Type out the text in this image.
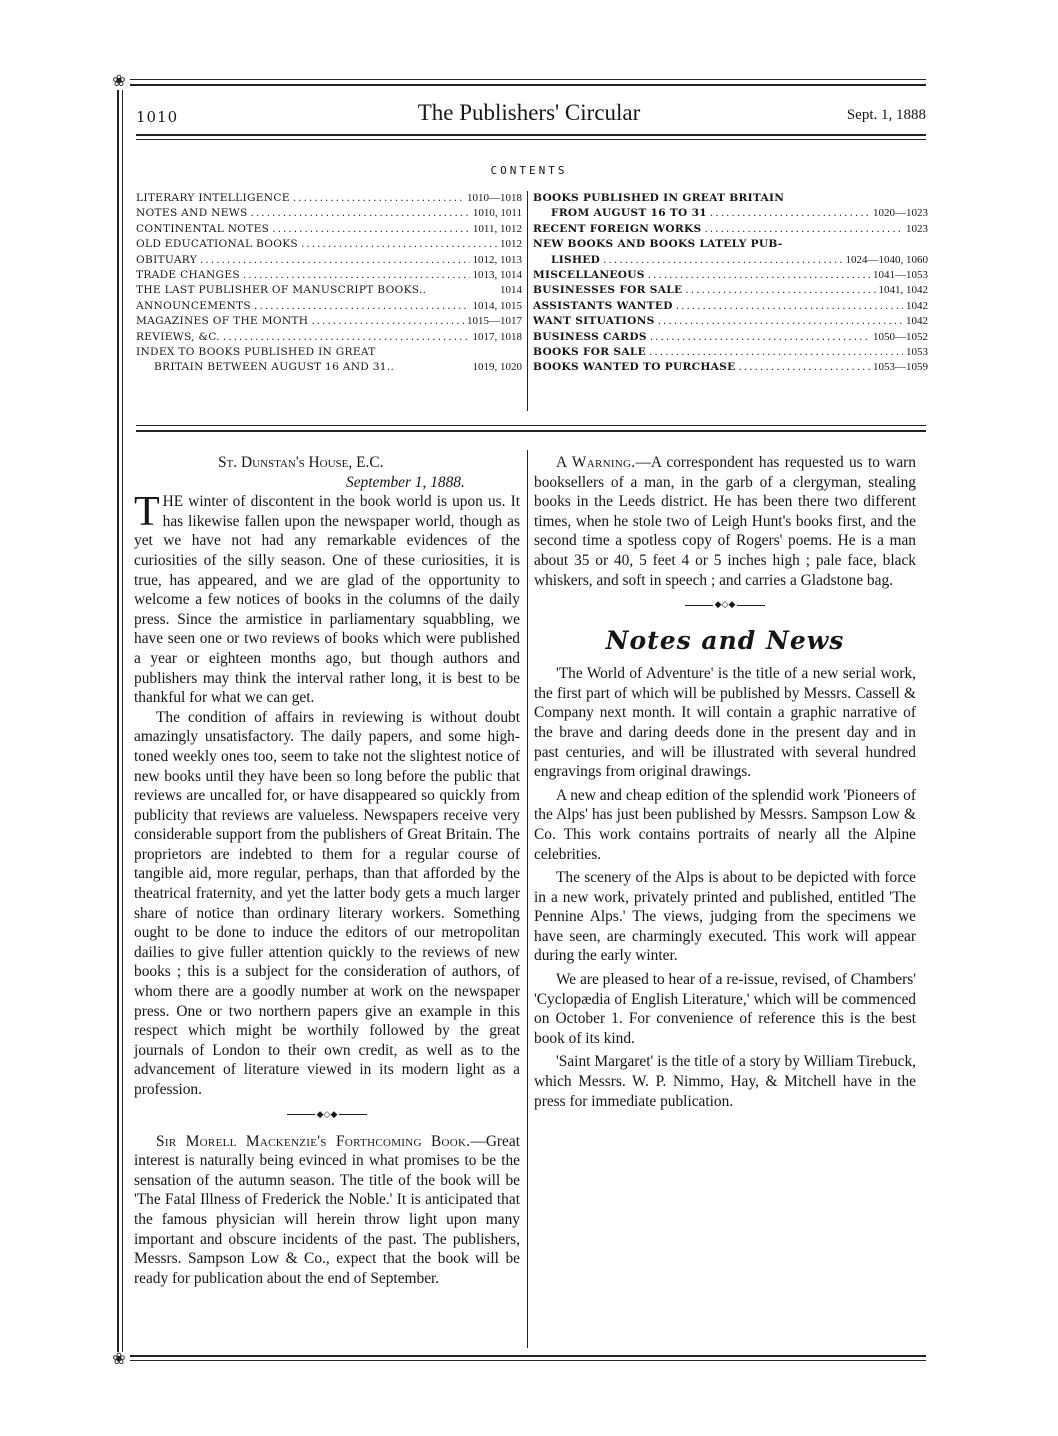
❀
❀
1010	The Publishers' Circular	Sept. 1, 1888
CONTENTS
LITERARY INTELLIGENCE .....	1010—1018
NOTES AND NEWS .....	1010, 1011
CONTINENTAL NOTES .....	1011, 1012
OLD EDUCATIONAL BOOKS .....	1012
OBITUARY .....	1012, 1013
TRADE CHANGES .....	1013, 1014
THE LAST PUBLISHER OF MANUSCRIPT BOOKS..	1014
ANNOUNCEMENTS .....	1014, 1015
MAGAZINES OF THE MONTH .....	1015—1017
REVIEWS, &C. .....	1017, 1018
INDEX TO BOOKS PUBLISHED IN GREAT
BRITAIN BETWEEN AUGUST 16 AND 31..	1019, 1020
BOOKS PUBLISHED IN GREAT BRITAIN
FROM AUGUST 16 TO 31 .....	1020—1023
RECENT FOREIGN WORKS .....	1023
NEW BOOKS AND BOOKS LATELY PUB-
LISHED .....	1024—1040, 1060
MISCELLANEOUS .....	1041—1053
BUSINESSES FOR SALE .....	1041, 1042
ASSISTANTS WANTED .....	1042
WANT SITUATIONS .....	1042
BUSINESS CARDS .....	1050—1052
BOOKS FOR SALE .....	1053
BOOKS WANTED TO PURCHASE .....	1053—1059
St. Dunstan's House, E.C.
September 1, 1888.

THE winter of discontent in the book world is upon us. It has likewise fallen upon the newspaper world, though as yet we have not had any remarkable evidences of the curiosities of the silly season. One of these curiosities, it is true, has appeared, and we are glad of the opportunity to welcome a few notices of books in the columns of the daily press. Since the armistice in parliamentary squabbling, we have seen one or two reviews of books which were published a year or eighteen months ago, but though authors and publishers may think the interval rather long, it is best to be thankful for what we can get.

The condition of affairs in reviewing is without doubt amazingly unsatisfactory. The daily papers, and some high-toned weekly ones too, seem to take not the slightest notice of new books until they have been so long before the public that reviews are uncalled for, or have disappeared so quickly from publicity that reviews are valueless. Newspapers receive very considerable support from the publishers of Great Britain. The proprietors are indebted to them for a regular course of tangible aid, more regular, perhaps, than that afforded by the theatrical fraternity, and yet the latter body gets a much larger share of notice than ordinary literary workers. Something ought to be done to induce the editors of our metropolitan dailies to give fuller attention quickly to the reviews of new books ; this is a subject for the consideration of authors, of whom there are a goodly number at work on the newspaper press. One or two northern papers give an example in this respect which might be worthily followed by the great journals of London to their own credit, as well as to the advancement of literature viewed in its modern light as a profession.

◆◇◆

Sir Morell Mackenzie's Forthcoming Book.—Great interest is naturally being evinced in what promises to be the sensation of the autumn season. The title of the book will be 'The Fatal Illness of Frederick the Noble.' It is anticipated that the famous physician will herein throw light upon many important and obscure incidents of the past. The publishers, Messrs. Sampson Low & Co., expect that the book will be ready for publication about the end of September.

A Warning.—A correspondent has requested us to warn booksellers of a man, in the garb of a clergyman, stealing books in the Leeds district. He has been there two different times, when he stole two of Leigh Hunt's books first, and the second time a spotless copy of Rogers' poems. He is a man about 35 or 40, 5 feet 4 or 5 inches high ; pale face, black whiskers, and soft in speech ; and carries a Gladstone bag.

◆◇◆
Notes and News

'The World of Adventure' is the title of a new serial work, the first part of which will be published by Messrs. Cassell & Company next month. It will contain a graphic narrative of the brave and daring deeds done in the present day and in past centuries, and will be illustrated with several hundred engravings from original drawings.

A new and cheap edition of the splendid work 'Pioneers of the Alps' has just been published by Messrs. Sampson Low & Co. This work contains portraits of nearly all the Alpine celebrities.

The scenery of the Alps is about to be depicted with force in a new work, privately printed and published, entitled 'The Pennine Alps.' The views, judging from the specimens we have seen, are charmingly executed. This work will appear during the early winter.

We are pleased to hear of a re-issue, revised, of Chambers' 'Cyclopædia of English Literature,' which will be commenced on October 1. For convenience of reference this is the best book of its kind.

'Saint Margaret' is the title of a story by William Tirebuck, which Messrs. W. P. Nimmo, Hay, & Mitchell have in the press for immediate publication.
